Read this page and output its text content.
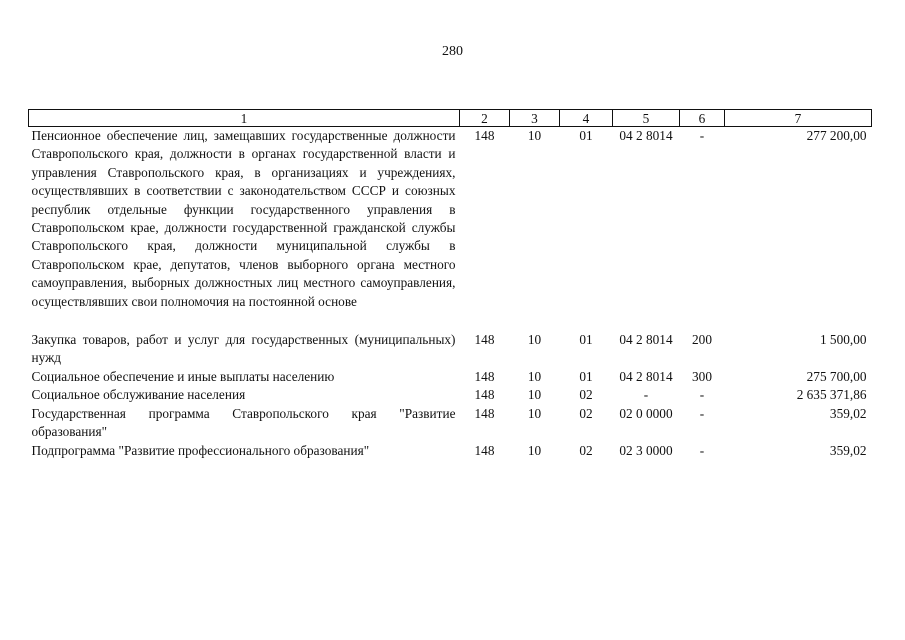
280
1	2	3	4	5	6	7
Пенсионное обеспечение лиц, замещавших государственные должности Ставропольского края, должности в органах государственной власти и управления Ставропольского края, в организациях и учреждениях, осуществлявших в соответствии с законодательством СССР и союзных республик отдельные функции государственного управления в Ставропольском крае, должности государственной гражданской службы Ставропольского края, должности муниципальной службы в Ставропольском крае, депутатов, членов выборного органа местного самоуправления, выборных должностных лиц местного самоуправления, осуществлявших свои полномочия на постоянной основе	148	10	01	04 2 8014	-	277 200,00

Закупка товаров, работ и услуг для государственных (муниципальных) нужд	148	10	01	04 2 8014	200	1 500,00
Социальное обеспечение и иные выплаты населению	148	10	01	04 2 8014	300	275 700,00
Социальное обслуживание населения	148	10	02	-	-	2 635 371,86
Государственная программа Ставропольского края "Развитие образования"	148	10	02	02 0 0000	-	359,02
Подпрограмма "Развитие профессионального образования"	148	10	02	02 3 0000	-	359,02
